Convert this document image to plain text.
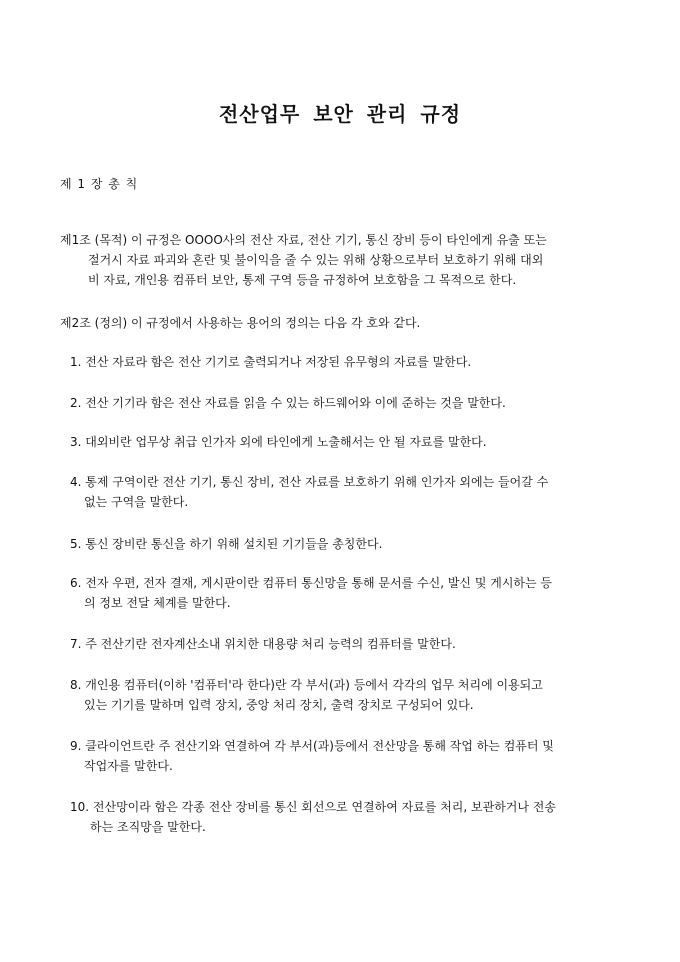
전산업무 보안 관리 규정
제 1 장 총 칙
제1조 (목적) 이 규정은 OOOO사의 전산 자료, 전산 기기, 통신 장비 등이 타인에게 유출 또는
절거시 자료 파괴와 혼란 및 불이익을 줄 수 있는 위해 상황으로부터 보호하기 위해 대외
비 자료, 개인용 컴퓨터 보안, 통제 구역 등을 규정하여 보호함을 그 목적으로 한다.
제2조 (정의) 이 규정에서 사용하는 용어의 정의는 다음 각 호와 같다.
1. 전산 자료라 함은 전산 기기로 출력되거나 저장된 유무형의 자료를 말한다.
2. 전산 기기라 함은 전산 자료를 읽을 수 있는 하드웨어와 이에 준하는 것을 말한다.
3. 대외비란 업무상 취급 인가자 외에 타인에게 노출해서는 안 될 자료를 말한다.
4. 통제 구역이란 전산 기기, 통신 장비, 전산 자료를 보호하기 위해 인가자 외에는 들어갈 수
없는 구역을 말한다.
5. 통신 장비란 통신을 하기 위해 설치된 기기들을 총칭한다.
6. 전자 우편, 전자 결재, 게시판이란 컴퓨터 통신망을 통해 문서를 수신, 발신 및 게시하는 등
의 정보 전달 체계를 말한다.
7. 주 전산기란 전자계산소내 위치한 대용량 처리 능력의 컴퓨터를 말한다.
8. 개인용 컴퓨터(이하 '컴퓨터'라 한다)란 각 부서(과) 등에서 각각의 업무 처리에 이용되고
있는 기기를 말하며 입력 장치, 중앙 처리 장치, 출력 장치로 구성되어 있다.
9. 클라이언트란 주 전산기와 연결하여 각 부서(과)등에서 전산망을 통해 작업 하는 컴퓨터 및
작업자를 말한다.
10. 전산망이라 함은 각종 전산 장비를 통신 회선으로 연결하여 자료를 처리, 보관하거나 전송
하는 조직망을 말한다.
